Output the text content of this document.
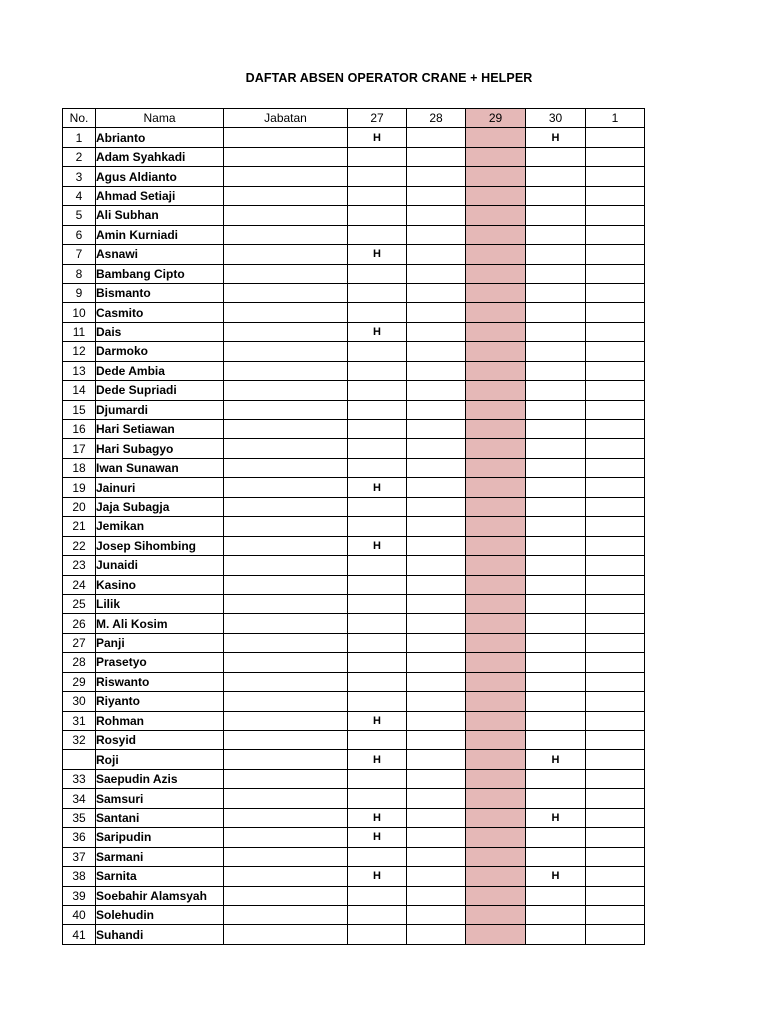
DAFTAR ABSEN OPERATOR CRANE + HELPER
No.	Nama	Jabatan	27	28	29	30	1
1	Abrianto		H			H	
2	Adam Syahkadi						
3	Agus Aldianto						
4	Ahmad Setiaji						
5	Ali Subhan						
6	Amin Kurniadi						
7	Asnawi		H				
8	Bambang Cipto						
9	Bismanto						
10	Casmito						
11	Dais		H				
12	Darmoko						
13	Dede Ambia						
14	Dede Supriadi						
15	Djumardi						
16	Hari Setiawan						
17	Hari Subagyo						
18	Iwan Sunawan						
19	Jainuri		H				
20	Jaja Subagja						
21	Jemikan						
22	Josep Sihombing		H				
23	Junaidi						
24	Kasino						
25	Lilik						
26	M. Ali Kosim						
27	Panji						
28	Prasetyo						
29	Riswanto						
30	Riyanto						
31	Rohman		H				
32	Rosyid						
	Roji		H			H	
33	Saepudin Azis						
34	Samsuri						
35	Santani		H			H	
36	Saripudin		H				
37	Sarmani						
38	Sarnita		H			H	
39	Soebahir Alamsyah						
40	Solehudin						
41	Suhandi						
